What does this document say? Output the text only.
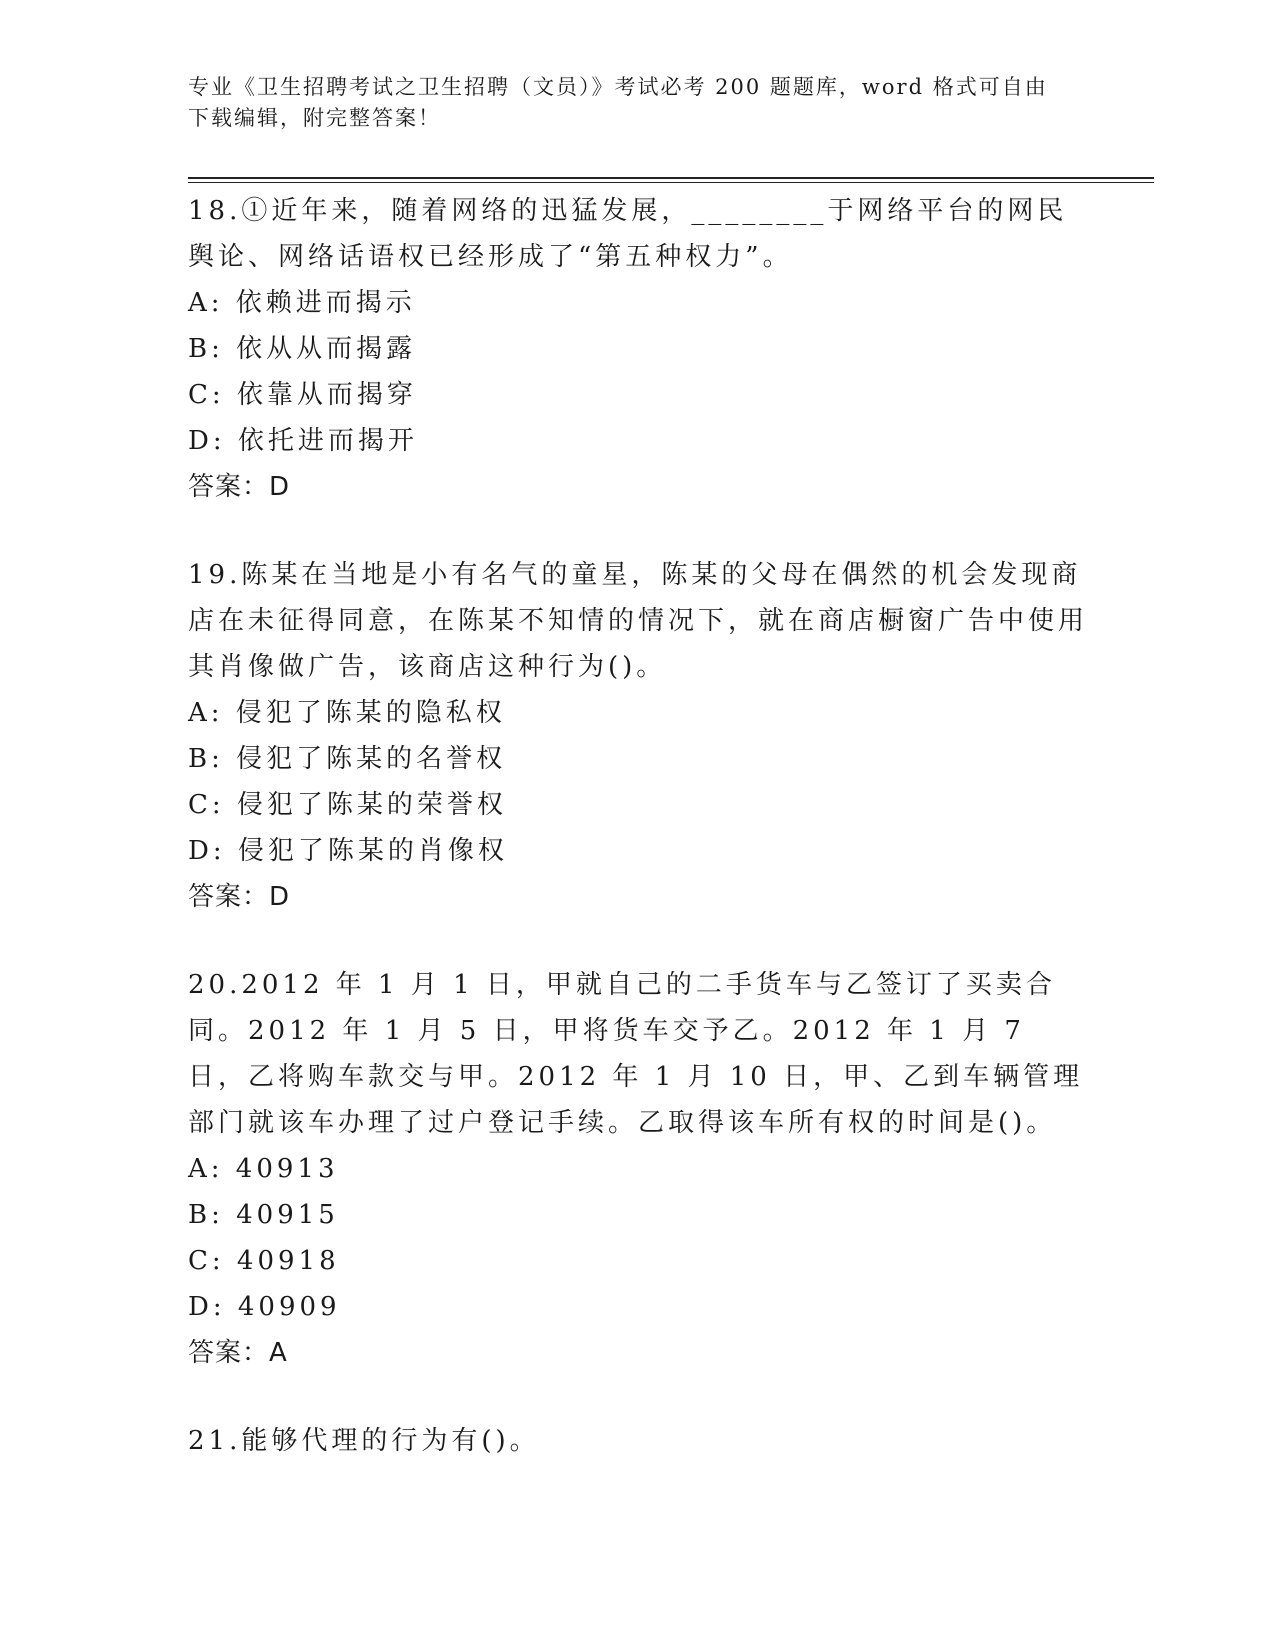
专业《卫生招聘考试之卫生招聘（文员）》考试必考 200 题题库，word 格式可自由下载编辑，附完整答案！

18.①近年来，随着网络的迅猛发展，________于网络平台的网民舆论、网络话语权已经形成了“第五种权力”。

A: 依赖进而揭示

B: 依从从而揭露

C: 依靠从而揭穿

D: 依托进而揭开

答案：D

19.陈某在当地是小有名气的童星，陈某的父母在偶然的机会发现商店在未征得同意，在陈某不知情的情况下，就在商店橱窗广告中使用其肖像做广告，该商店这种行为()。

A: 侵犯了陈某的隐私权

B: 侵犯了陈某的名誉权

C: 侵犯了陈某的荣誉权

D: 侵犯了陈某的肖像权

答案：D

20.2012 年 1 月 1 日，甲就自己的二手货车与乙签订了买卖合同。2012 年 1 月 5 日，甲将货车交予乙。2012 年 1 月 7 日，乙将购车款交与甲。2012 年 1 月 10 日，甲、乙到车辆管理部门就该车办理了过户登记手续。乙取得该车所有权的时间是()。

A: 40913

B: 40915

C: 40918

D: 40909

答案：A

21.能够代理的行为有()。
